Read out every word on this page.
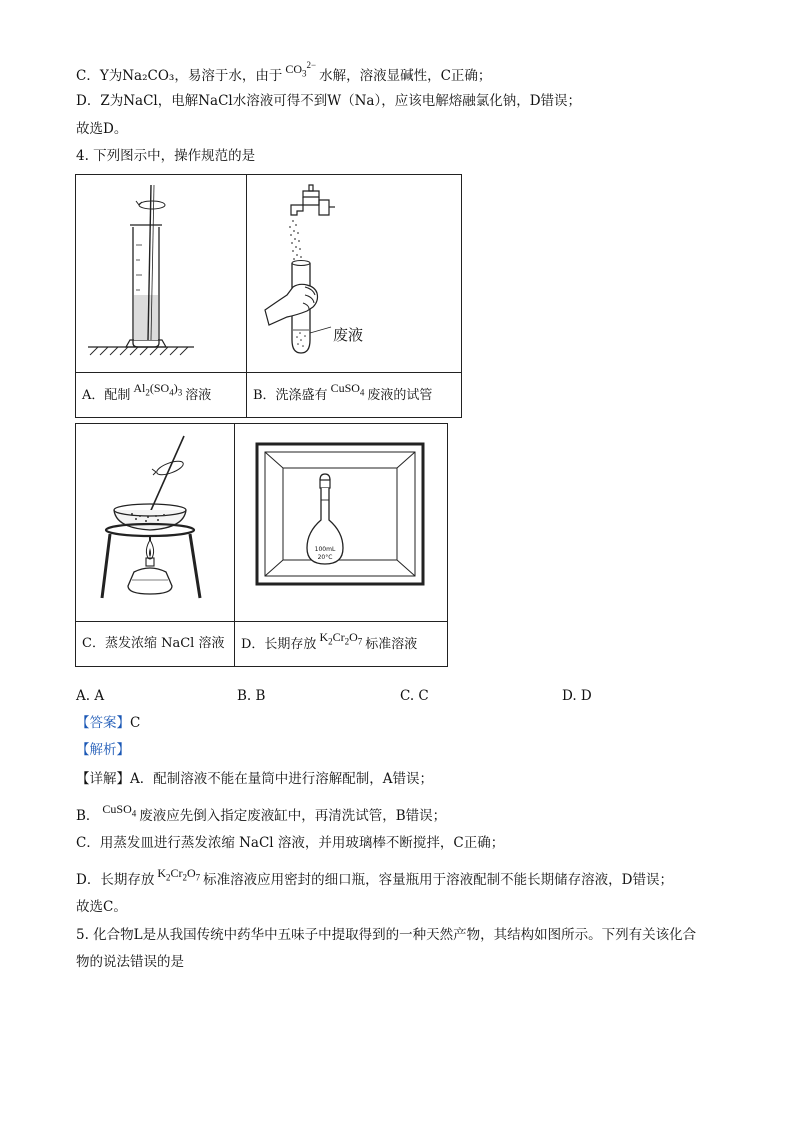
C．Y为Na₂CO₃，易溶于水，由于 $CO_3^{2-}$水解，溶液显碱性，C正确；
D．Z为NaCl，电解NaCl水溶液可得不到W（Na），应该电解熔融氯化钠，D错误；
故选D。
4. 下列图示中，操作规范的是

废液

A．配制 $Al_2(SO_4)_3$ 溶液	B．洗涤盛有 CuSO$_4$ 废液的试管

100mL
20°C

C．蒸发浓缩 NaCl 溶液	D．长期存放 $K_2Cr_2O_7$ 标准溶液
A. A	B. B	C. C	D. D
【答案】C
【解析】
【详解】A．配制溶液不能在量筒中进行溶解配制，A错误；
B． CuSO$_4$ 废液应先倒入指定废液缸中，再清洗试管，B错误；
C．用蒸发皿进行蒸发浓缩 NaCl 溶液，并用玻璃棒不断搅拌，C正确；
D．长期存放 $K_2Cr_2O_7$ 标准溶液应用密封的细口瓶，容量瓶用于溶液配制不能长期储存溶液，D错误；
故选C。
5. 化合物L是从我国传统中药华中五味子中提取得到的一种天然产物，其结构如图所示。下列有关该化合
物的说法错误的是
